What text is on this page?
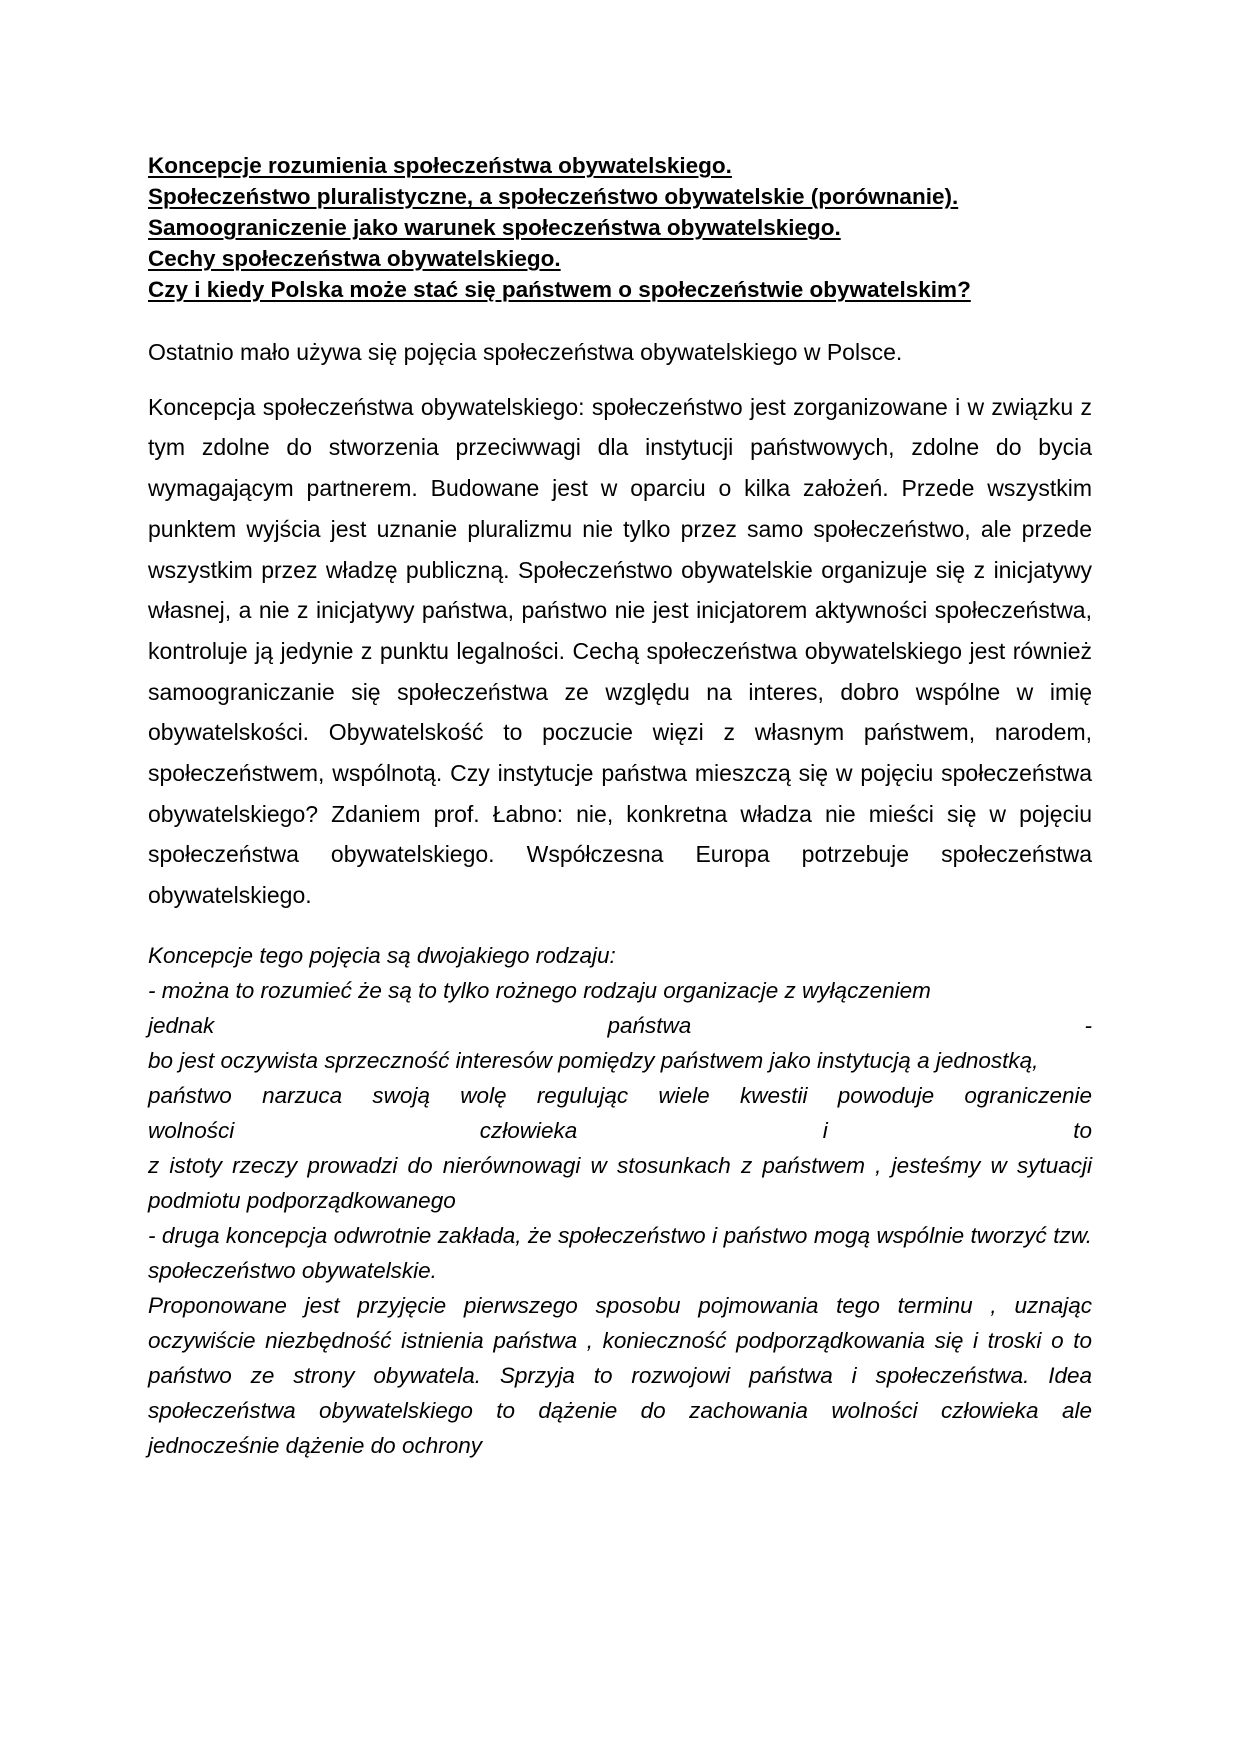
Koncepcje rozumienia społeczeństwa obywatelskiego.
Społeczeństwo pluralistyczne, a społeczeństwo obywatelskie (porównanie).
Samoograniczenie jako warunek społeczeństwa obywatelskiego.
Cechy społeczeństwa obywatelskiego.
Czy i kiedy Polska może stać się państwem o społeczeństwie obywatelskim?

Ostatnio mało używa się pojęcia społeczeństwa obywatelskiego w Polsce.

Koncepcja społeczeństwa obywatelskiego: społeczeństwo jest zorganizowane i w związku z tym zdolne do stworzenia przeciwwagi dla instytucji państwowych, zdolne do bycia wymagającym partnerem. Budowane jest w oparciu o kilka założeń. Przede wszystkim punktem wyjścia jest uznanie pluralizmu nie tylko przez samo społeczeństwo, ale przede wszystkim przez władzę publiczną. Społeczeństwo obywatelskie organizuje się z inicjatywy własnej, a nie z inicjatywy państwa, państwo nie jest inicjatorem aktywności społeczeństwa, kontroluje ją jedynie z punktu legalności. Cechą społeczeństwa obywatelskiego jest również samoograniczanie się społeczeństwa ze względu na interes, dobro wspólne w imię obywatelskości. Obywatelskość to poczucie więzi z własnym państwem, narodem, społeczeństwem, wspólnotą. Czy instytucje państwa mieszczą się w pojęciu społeczeństwa obywatelskiego? Zdaniem prof. Łabno: nie, konkretna władza nie mieści się w pojęciu społeczeństwa obywatelskiego. Współczesna Europa potrzebuje społeczeństwa obywatelskiego.

Koncepcje tego pojęcia są dwojakiego rodzaju:
- można to rozumieć że są to tylko rożnego rodzaju organizacje z wyłączeniem
jednak państwa -
bo jest oczywista sprzeczność interesów pomiędzy państwem jako instytucją a jednostką,
państwo narzuca swoją wolę regulując wiele kwestii powoduje ograniczenie
wolności człowieka i to
z istoty rzeczy prowadzi do nierównowagi w stosunkach z państwem , jesteśmy w sytuacji podmiotu podporządkowanego
- druga koncepcja odwrotnie zakłada, że społeczeństwo i państwo mogą wspólnie tworzyć tzw. społeczeństwo obywatelskie.
Proponowane jest przyjęcie pierwszego sposobu pojmowania tego terminu , uznając oczywiście niezbędność istnienia państwa , konieczność podporządkowania się i troski o to państwo ze strony obywatela. Sprzyja to rozwojowi państwa i społeczeństwa. Idea społeczeństwa obywatelskiego to dążenie do zachowania wolności człowieka ale jednocześnie dążenie do ochrony
